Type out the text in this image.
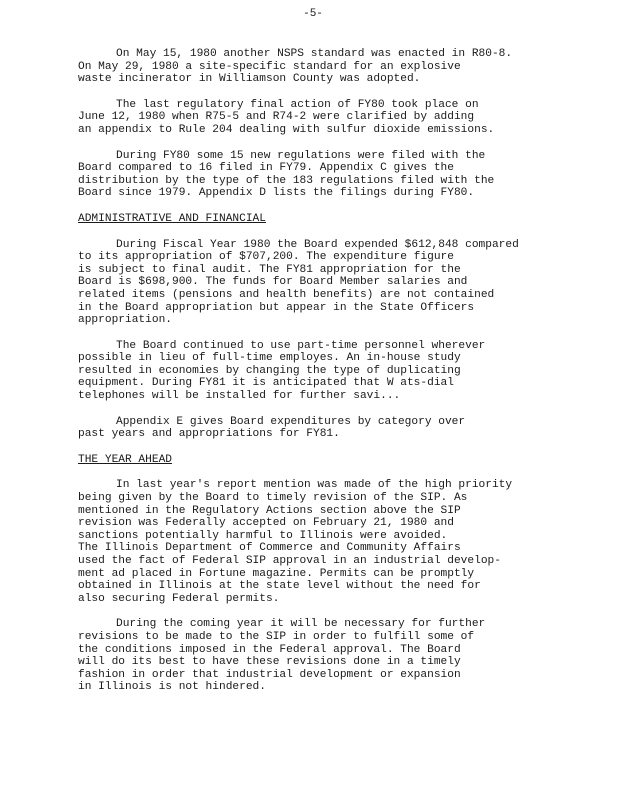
-5-

On May 15, 1980 another NSPS standard was enacted in R80-8.
On May 29, 1980 a site-specific standard for an explosive
waste incinerator in Williamson County was adopted.

The last regulatory final action of FY80 took place on
June 12, 1980 when R75-5 and R74-2 were clarified by adding
an appendix to Rule 204 dealing with sulfur dioxide emissions.

During FY80 some 15 new regulations were filed with the
Board compared to 16 filed in FY79. Appendix C gives the
distribution by the type of the 183 regulations filed with the
Board since 1979. Appendix D lists the filings during FY80.

ADMINISTRATIVE AND FINANCIAL

During Fiscal Year 1980 the Board expended $612,848 compared
to its appropriation of $707,200. The expenditure figure
is subject to final audit. The FY81 appropriation for the
Board is $698,900. The funds for Board Member salaries and
related items (pensions and health benefits) are not contained
in the Board appropriation but appear in the State Officers
appropriation.

The Board continued to use part-time personnel wherever
possible in lieu of full-time employes. An in-house study
resulted in economies by changing the type of duplicating
equipment. During FY81 it is anticipated that W ats-dial
telephones will be installed for further savi...

Appendix E gives Board expenditures by category over
past years and appropriations for FY81.

THE YEAR AHEAD

In last year's report mention was made of the high priority
being given by the Board to timely revision of the SIP. As
mentioned in the Regulatory Actions section above the SIP
revision was Federally accepted on February 21, 1980 and
sanctions potentially harmful to Illinois were avoided.
The Illinois Department of Commerce and Community Affairs
used the fact of Federal SIP approval in an industrial develop-
ment ad placed in Fortune magazine. Permits can be promptly
obtained in Illinois at the state level without the need for
also securing Federal permits.

During the coming year it will be necessary for further
revisions to be made to the SIP in order to fulfill some of
the conditions imposed in the Federal approval. The Board
will do its best to have these revisions done in a timely
fashion in order that industrial development or expansion
in Illinois is not hindered.
